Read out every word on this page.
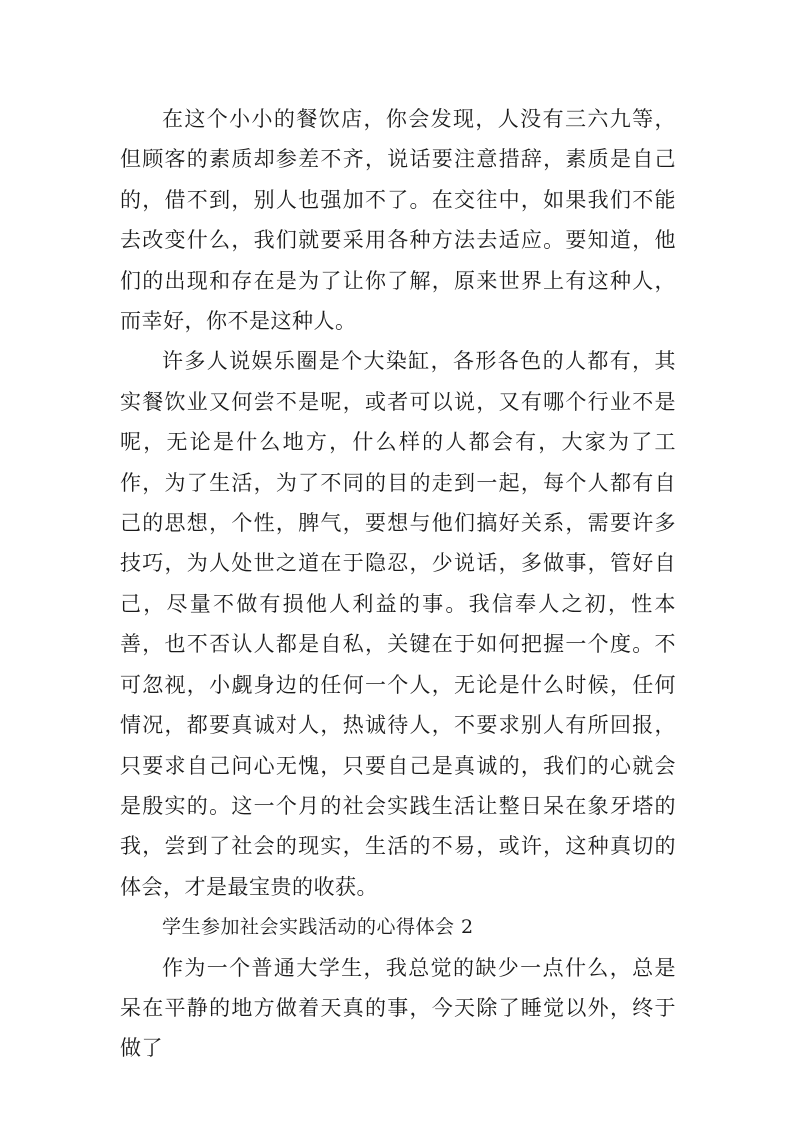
在这个小小的餐饮店，你会发现，人没有三六九等，但顾客的素质却参差不齐，说话要注意措辞，素质是自己的，借不到，别人也强加不了。在交往中，如果我们不能去改变什么，我们就要采用各种方法去适应。要知道，他们的出现和存在是为了让你了解，原来世界上有这种人，而幸好，你不是这种人。

许多人说娱乐圈是个大染缸，各形各色的人都有，其实餐饮业又何尝不是呢，或者可以说，又有哪个行业不是呢，无论是什么地方，什么样的人都会有，大家为了工作，为了生活，为了不同的目的走到一起，每个人都有自己的思想，个性，脾气，要想与他们搞好关系，需要许多技巧，为人处世之道在于隐忍，少说话，多做事，管好自己，尽量不做有损他人利益的事。我信奉人之初，性本善，也不否认人都是自私，关键在于如何把握一个度。不可忽视，小觑身边的任何一个人，无论是什么时候，任何情况，都要真诚对人，热诚待人，不要求别人有所回报，只要求自己问心无愧，只要自己是真诚的，我们的心就会是殷实的。这一个月的社会实践生活让整日呆在象牙塔的我，尝到了社会的现实，生活的不易，或许，这种真切的体会，才是最宝贵的收获。

学生参加社会实践活动的心得体会 2

作为一个普通大学生，我总觉的缺少一点什么，总是呆在平静的地方做着天真的事，今天除了睡觉以外，终于做了
